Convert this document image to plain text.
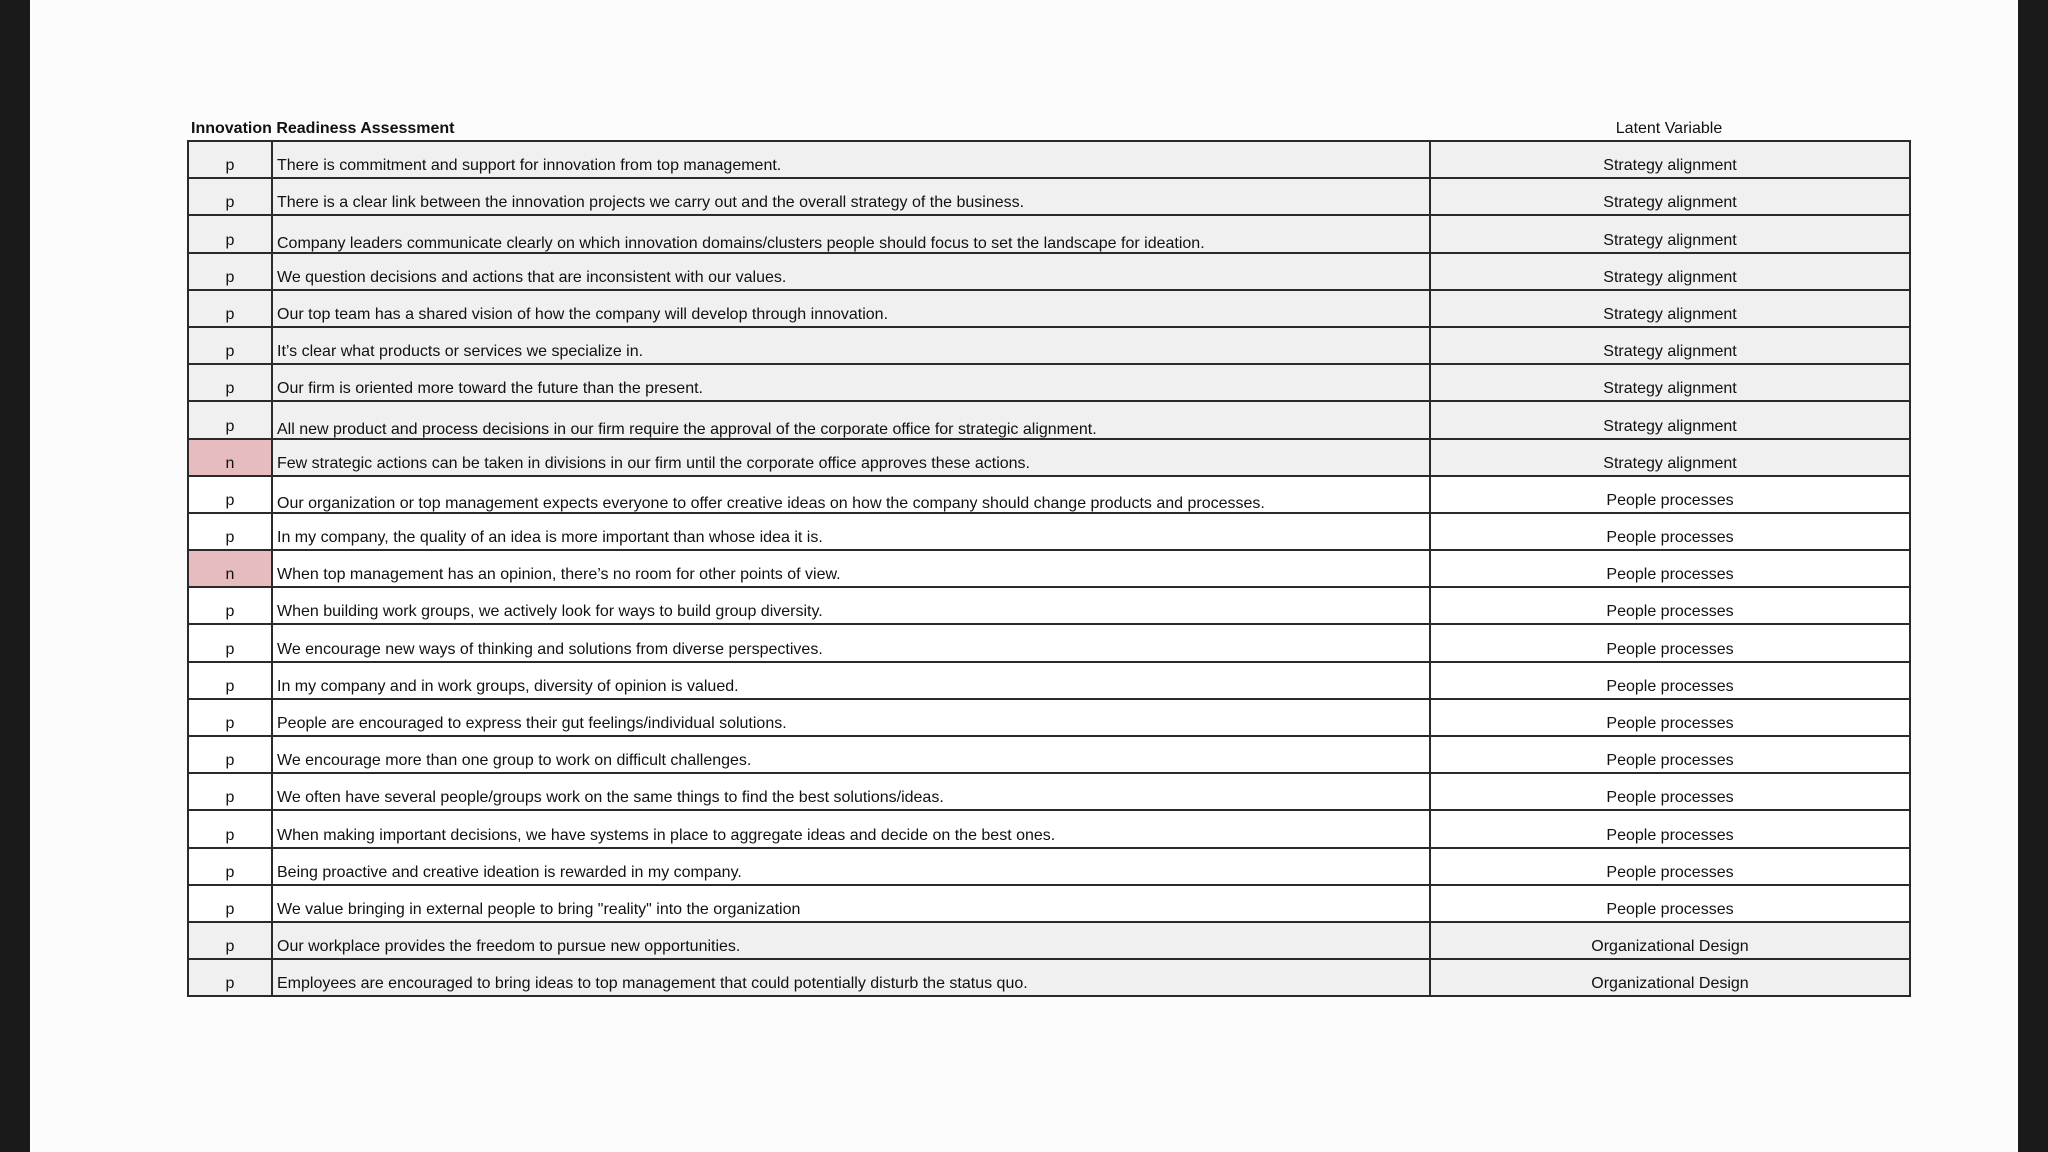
Innovation Readiness Assessment	Latent Variable
p	There is commitment and support for innovation from top management.	Strategy alignment
p	There is a clear link between the innovation projects we carry out and the overall strategy of the business.	Strategy alignment
p	Company leaders communicate clearly on which innovation domains/clusters people should focus to set the landscape for ideation.	Strategy alignment
p	We question decisions and actions that are inconsistent with our values.	Strategy alignment
p	Our top team has a shared vision of how the company will develop through innovation.	Strategy alignment
p	It’s clear what products or services we specialize in.	Strategy alignment
p	Our firm is oriented more toward the future than the present.	Strategy alignment
p	All new product and process decisions in our firm require the approval of the corporate office for strategic alignment.	Strategy alignment
n	Few strategic actions can be taken in divisions in our firm until the corporate office approves these actions.	Strategy alignment
p	Our organization or top management expects everyone to offer creative ideas on how the company should change products and processes.	People processes
p	In my company, the quality of an idea is more important than whose idea it is.	People processes
n	When top management has an opinion, there’s no room for other points of view.	People processes
p	When building work groups, we actively look for ways to build group diversity.	People processes
p	We encourage new ways of thinking and solutions from diverse perspectives.	People processes
p	In my company and in work groups, diversity of opinion is valued.	People processes
p	People are encouraged to express their gut feelings/individual solutions.	People processes
p	We encourage more than one group to work on difficult challenges.	People processes
p	We often have several people/groups work on the same things to find the best solutions/ideas.	People processes
p	When making important decisions, we have systems in place to aggregate ideas and decide on the best ones.	People processes
p	Being proactive and creative ideation is rewarded in my company.	People processes
p	We value bringing in external people to bring "reality" into the organization	People processes
p	Our workplace provides the freedom to pursue new opportunities.	Organizational Design
p	Employees are encouraged to bring ideas to top management that could potentially disturb the status quo.	Organizational Design
